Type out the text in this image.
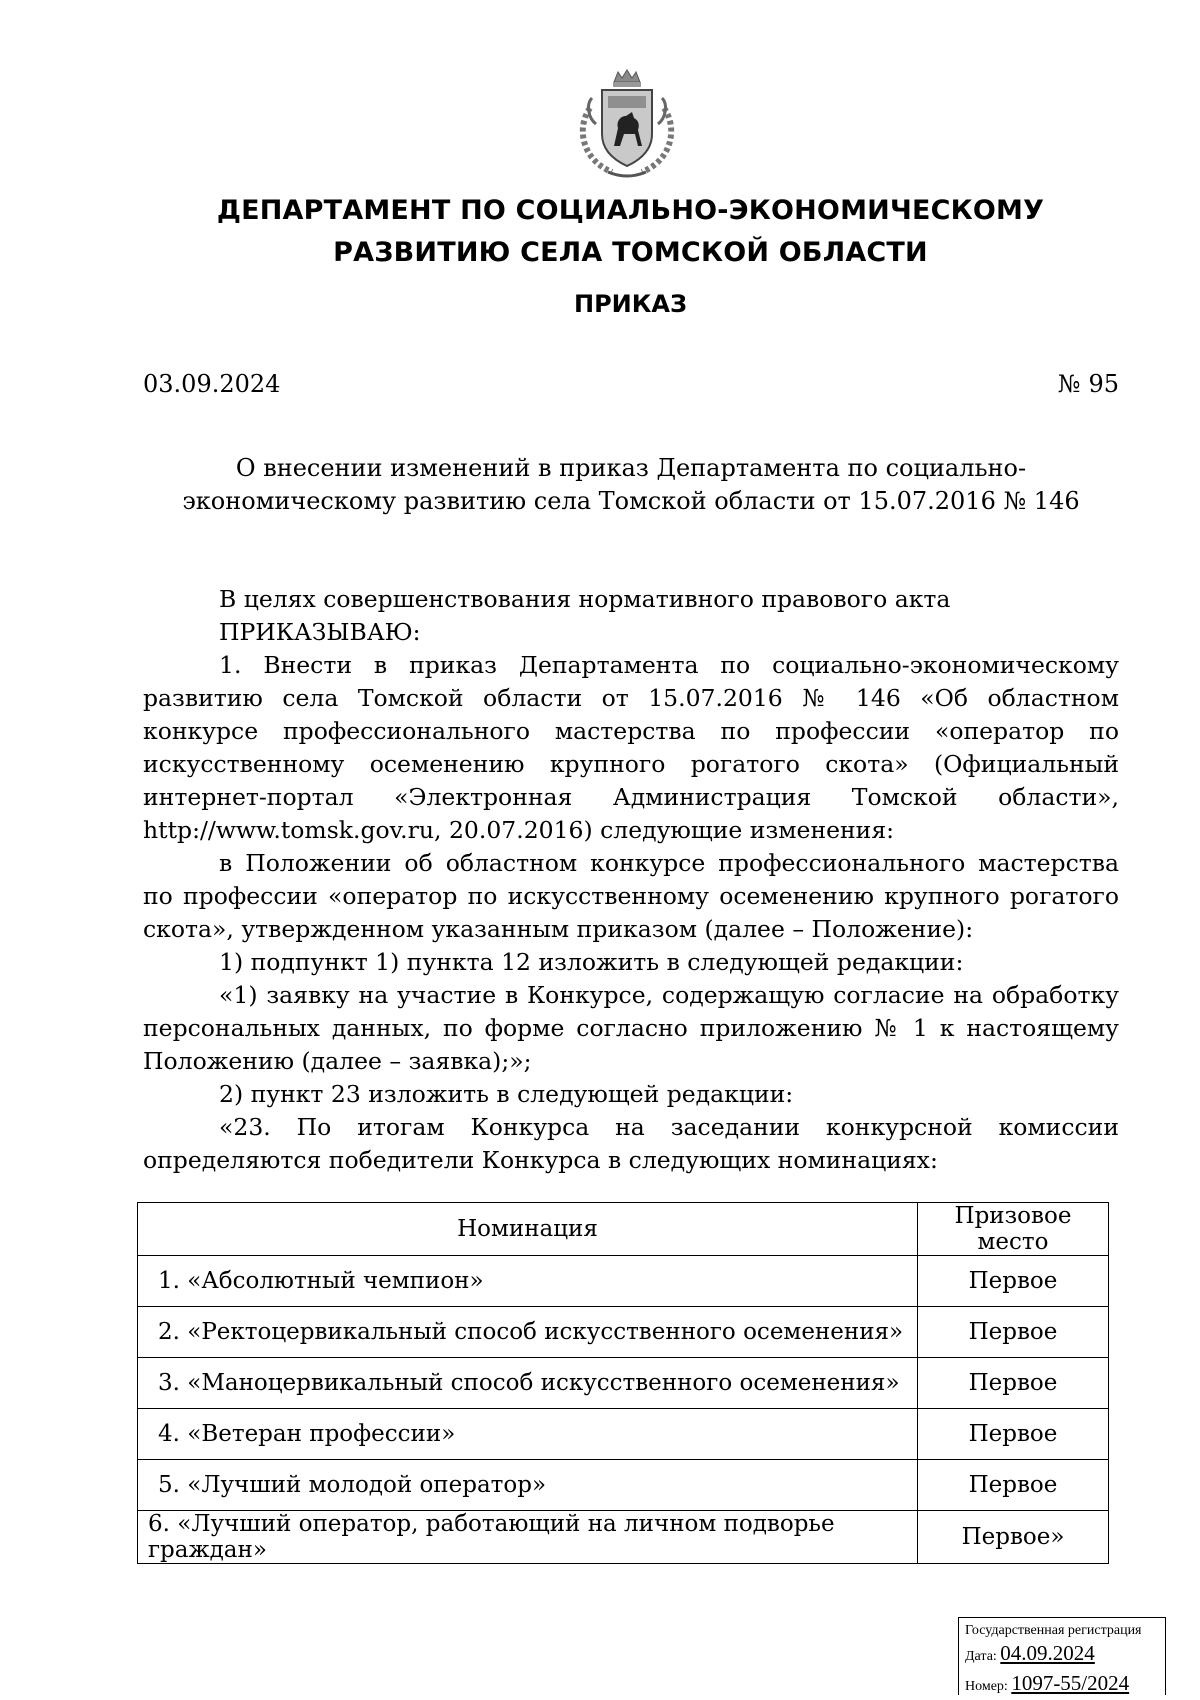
ДЕПАРТАМЕНТ ПО СОЦИАЛЬНО-ЭКОНОМИЧЕСКОМУ
РАЗВИТИЮ СЕЛА ТОМСКОЙ ОБЛАСТИ
ПРИКАЗ
03.09.2024	№ 95
О внесении изменений в приказ Департамента по социально-экономическому развитию села Томской области от 15.07.2016 № 146

В целях совершенствования нормативного правового акта

ПРИКАЗЫВАЮ:

1. Внести в приказ Департамента по социально-экономическому развитию села Томской области от 15.07.2016 № 146 «Об областном конкурсе профессионального мастерства по профессии «оператор по искусственному осеменению крупного рогатого скота» (Официальный интернет-портал «Электронная Администрация Томской области», http://www.tomsk.gov.ru, 20.07.2016) следующие изменения:

в Положении об областном конкурсе профессионального мастерства по профессии «оператор по искусственному осеменению крупного рогатого скота», утвержденном указанным приказом (далее – Положение):

1) подпункт 1) пункта 12 изложить в следующей редакции:

«1) заявку на участие в Конкурсе, содержащую согласие на обработку персональных данных, по форме согласно приложению № 1 к настоящему Положению (далее – заявка);»;

2) пункт 23 изложить в следующей редакции:

«23. По итогам Конкурса на заседании конкурсной комиссии определяются победители Конкурса в следующих номинациях:

Номинация	Призовое место
1. «Абсолютный чемпион»	Первое
2. «Ректоцервикальный способ искусственного осеменения»	Первое
3. «Маноцервикальный способ искусственного осеменения»	Первое
4. «Ветеран профессии»	Первое
5. «Лучший молодой оператор»	Первое
6. «Лучший оператор, работающий на личном подворье граждан»	Первое»
Государственная регистрация
Дата: 04.09.2024
Номер: 1097-55/2024
